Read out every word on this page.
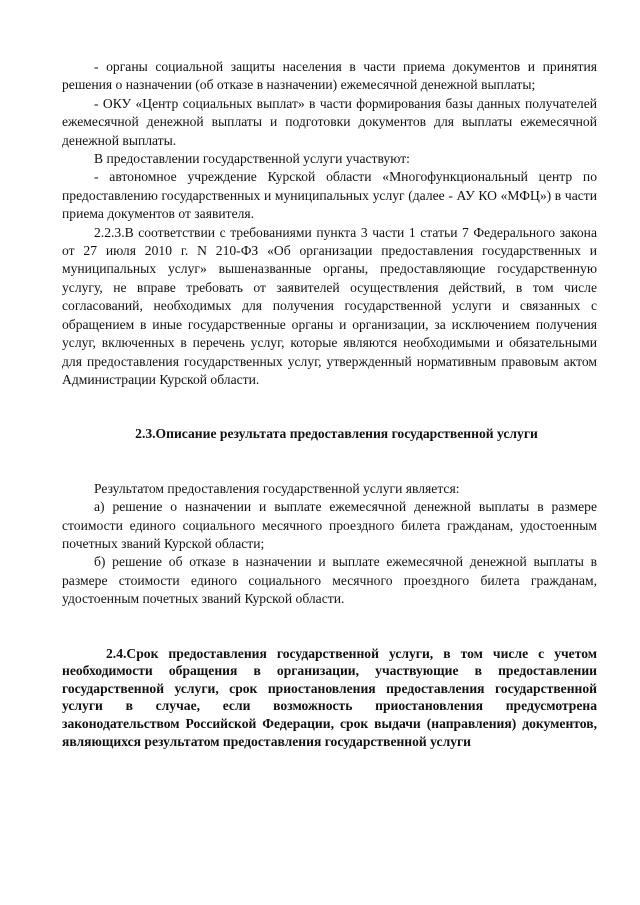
- органы социальной защиты населения в части приема документов и принятия решения о назначении (об отказе в назначении) ежемесячной денежной выплаты;

- ОКУ «Центр социальных выплат» в части формирования базы данных получателей ежемесячной денежной выплаты и подготовки документов для выплаты ежемесячной денежной выплаты.

В предоставлении государственной услуги участвуют:

- автономное учреждение Курской области «Многофункциональный центр по предоставлению государственных и муниципальных услуг (далее - АУ КО «МФЦ») в части приема документов от заявителя.

2.2.3.В соответствии с требованиями пункта 3 части 1 статьи 7 Федерального закона от 27 июля 2010 г. N 210-ФЗ «Об организации предоставления государственных и муниципальных услуг» вышеназванные органы, предоставляющие государственную услугу, не вправе требовать от заявителей осуществления действий, в том числе согласований, необходимых для получения государственной услуги и связанных с обращением в иные государственные органы и организации, за исключением получения услуг, включенных в перечень услуг, которые являются необходимыми и обязательными для предоставления государственных услуг, утвержденный нормативным правовым актом Администрации Курской области.

2.3.Описание результата предоставления государственной услуги

Результатом предоставления государственной услуги является:

а) решение о назначении и выплате ежемесячной денежной выплаты в размере стоимости единого социального месячного проездного билета гражданам, удостоенным почетных званий Курской области;

б) решение об отказе в назначении и выплате ежемесячной денежной выплаты в размере стоимости единого социального месячного проездного билета гражданам, удостоенным почетных званий Курской области.

2.4.Срок предоставления государственной услуги, в том числе с учетом необходимости обращения в организации, участвующие в предоставлении государственной услуги, срок приостановления предоставления государственной услуги в случае, если возможность приостановления предусмотрена законодательством Российской Федерации, срок выдачи (направления) документов, являющихся результатом предоставления государственной услуги
